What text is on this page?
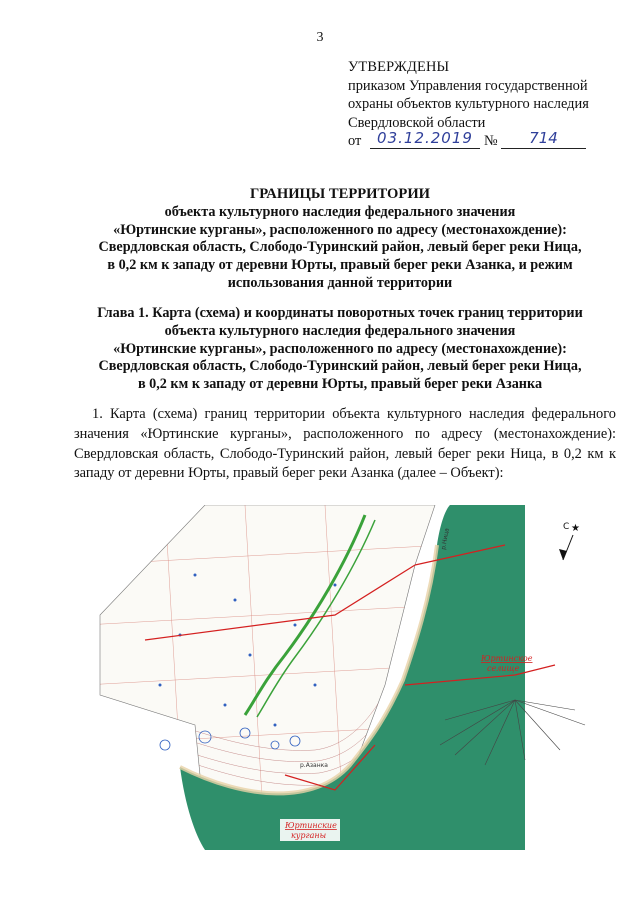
3
УТВЕРЖДЕНЫ
приказом Управления государственной
охраны объектов культурного наследия
Свердловской области
от	03.12.2019 №	714
ГРАНИЦЫ ТЕРРИТОРИИ
объекта культурного наследия федерального значения
«Юртинские курганы», расположенного по адресу (местонахождение):
Свердловская область, Слободо-Туринский район, левый берег реки Ница,
в 0,2 км к западу от деревни Юрты, правый берег реки Азанка, и режим
использования данной территории
Глава 1. Карта (схема) и координаты поворотных точек границ территории
объекта культурного наследия федерального значения
«Юртинские курганы», расположенного по адресу (местонахождение):
Свердловская область, Слободо-Туринский район, левый берег реки Ница,
в 0,2 км к западу от деревни Юрты, правый берег реки Азанка
1. Карта (схема) границ территории объекта культурного наследия федерального значения «Юртинские курганы», расположенного по адресу (местонахождение): Свердловская область, Слободо-Туринский район, левый берег реки Ница, в 0,2 км к западу от деревни Юрты, правый берег реки Азанка (далее – Объект):
С ★
Юртинское
селище
Юртинские
курганы
р.Ница
р.Азанка
